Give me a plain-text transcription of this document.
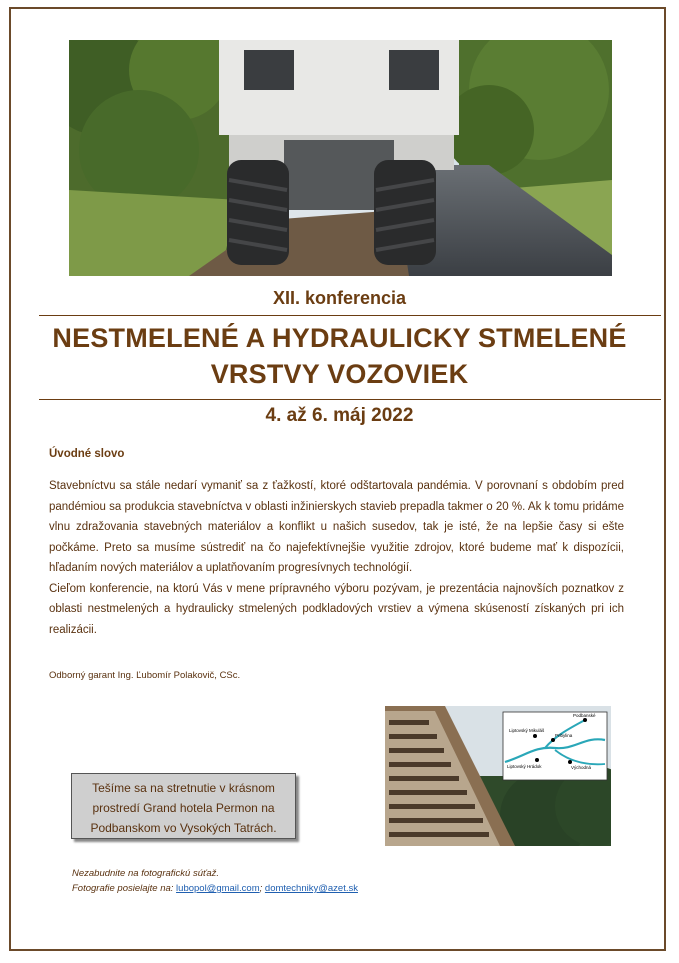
XII. konferencia
NESTMELENÉ A HYDRAULICKY STMELENÉ
VRSTVY VOZOVIEK
4. až 6. máj 2022
Úvodné slovo

Stavebníctvu sa stále nedarí vymaniť sa z ťažkostí, ktoré odštartovala pandémia. V porovnaní s obdobím pred pandémiou sa produkcia stavebníctva v oblasti inžinierskych stavieb prepadla takmer o 20 %. Ak k tomu pridáme vlnu zdražovania stavebných materiálov a konflikt u našich susedov, tak je isté, že na lepšie časy si ešte počkáme. Preto sa musíme sústrediť na čo najefektívnejšie využitie zdrojov, ktoré budeme mať k dispozícii, hľadaním nových materiálov a uplatňovaním progresívnych technológií.

Cieľom konferencie, na ktorú Vás v mene prípravného výboru pozývam, je prezentácia najnovších poznatkov z oblasti nestmelených a hydraulicky stmelených podkladových vrstiev a výmena skúseností získaných pri ich realizácii.

Odborný garant Ing. Ľubomír Polakovič, CSc.
Podbanské
Liptovský Mikuláš
Pribylina
Liptovský Hrádok	Východná
Tešíme sa na stretnutie v krásnom prostredí Grand hotela Permon na Podbanskom vo Vysokých Tatrách.
Nezabudnite na fotografickú súťaž.
Fotografie posielajte na: lubopol@gmail.com; domtechniky@azet.sk
